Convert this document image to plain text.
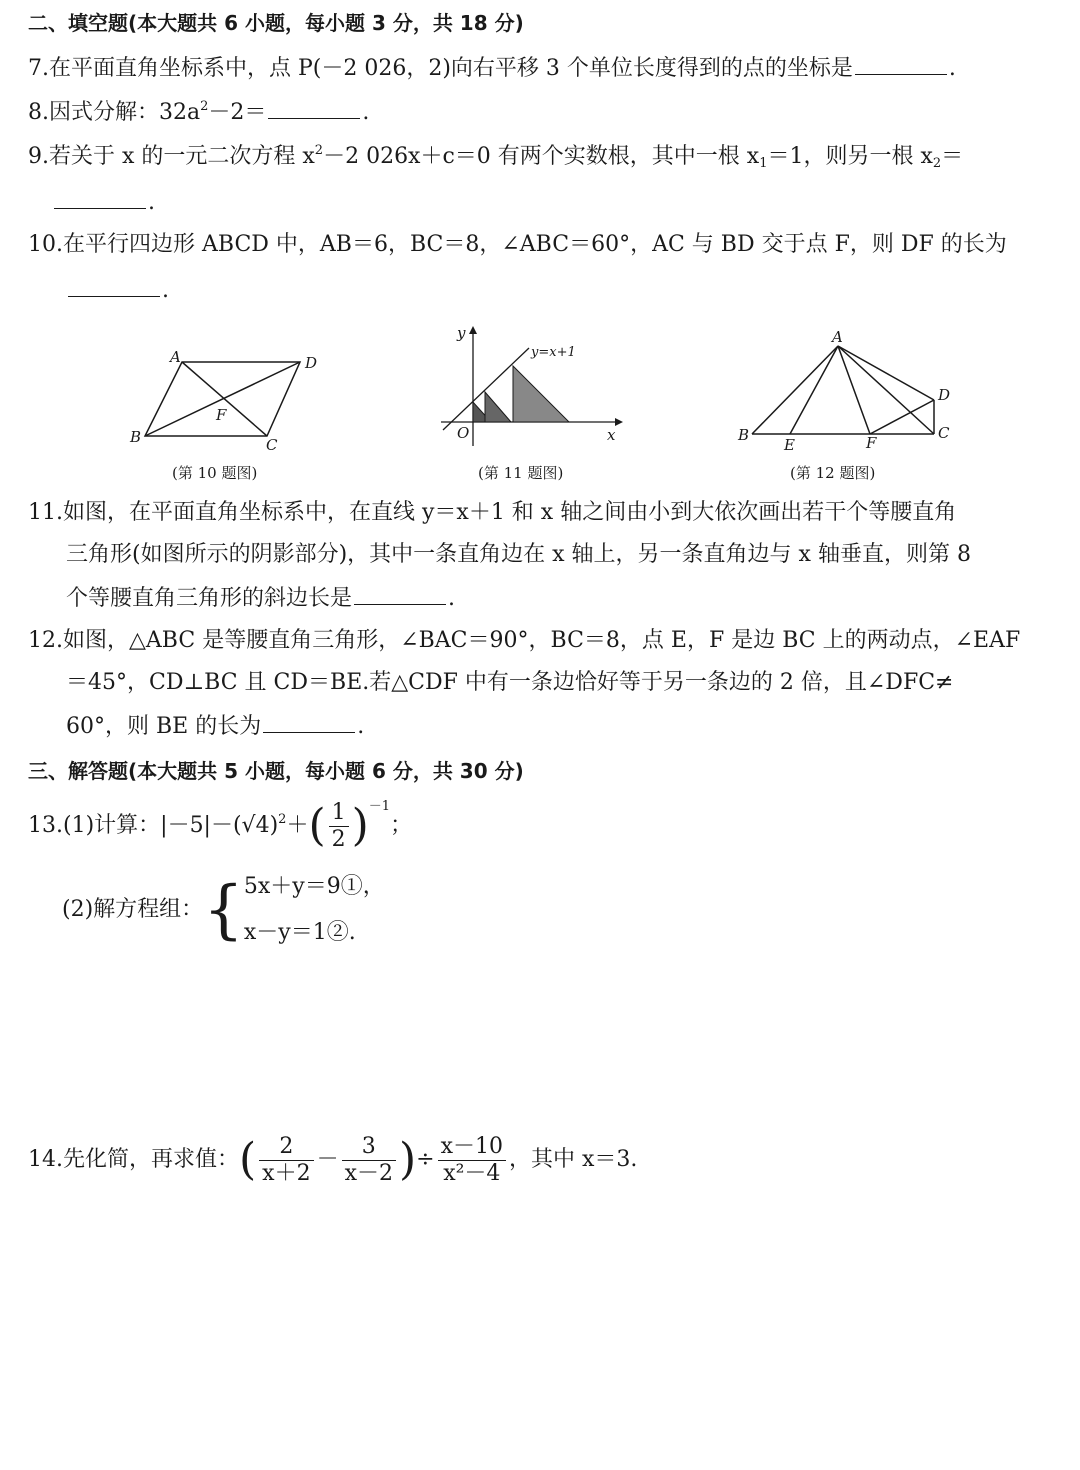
二、填空题(本大题共 6 小题，每小题 3 分，共 18 分)
7.在平面直角坐标系中，点 P(－2 026，2)向右平移 3 个单位长度得到的点的坐标是	.
8.因式分解：$32a^2-2=$	.
9.若关于 x 的一元二次方程 $x^2-2$ 026x＋c＝0 有两个实数根，其中一根 $x_1=1$，则另一根 $x_2=$
.
10.在平行四边形 ABCD 中，AB＝6，BC＝8，∠ABC＝60°，AC 与 BD 交于点 F，则 DF 的长为
.
A	D
B	C
F
(第 10 题图)
y
x
O
y=x+1
(第 11 题图)
A
B	C
D
E	F
(第 12 题图)
11.如图，在平面直角坐标系中，在直线 y＝x＋1 和 x 轴之间由小到大依次画出若干个等腰直角
三角形(如图所示的阴影部分)，其中一条直角边在 x 轴上，另一条直角边与 x 轴垂直，则第 8
个等腰直角三角形的斜边长是	.
12.如图，△ABC 是等腰直角三角形，∠BAC＝90°，BC＝8，点 E，F 是边 BC 上的两动点，∠EAF
＝45°，CD⊥BC 且 CD＝BE.若△CDF 中有一条边恰好等于另一条边的 2 倍，且∠DFC≠
60°，则 BE 的长为	.
三、解答题(本大题共 5 小题，每小题 6 分，共 30 分)
13.(1)计算：$|-5|-(√4)^2+( \frac{1}{2} )^{-1}$；
(2)解方程组：{ 5x＋y＝9①，
x－y＝1②.
14.先化简，再求值：( $\frac{2}{x+2} - \frac{3}{x-2}$ )÷ $\frac{x-10}{\text{x²－4}}$ ，其中 x＝3.
